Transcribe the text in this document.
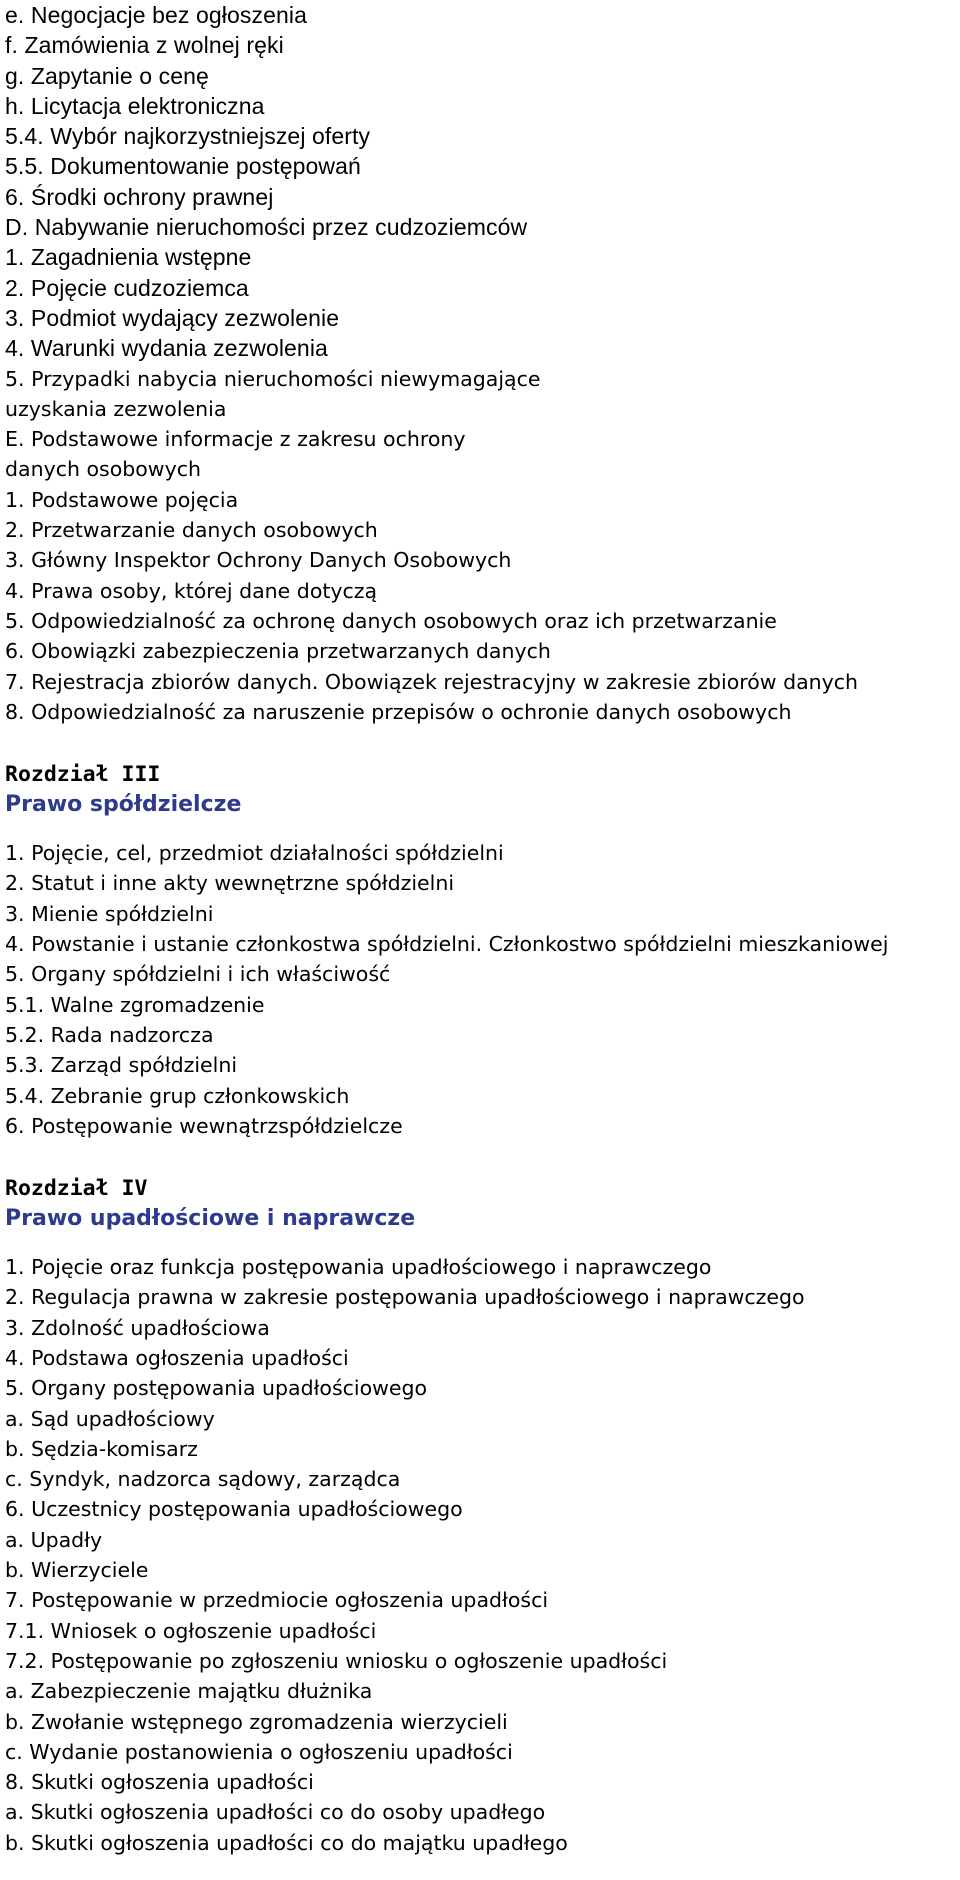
e. Negocjacje bez ogłoszenia
f. Zamówienia z wolnej ręki
g. Zapytanie o cenę
h. Licytacja elektroniczna
5.4. Wybór najkorzystniejszej oferty
5.5. Dokumentowanie postępowań
6. Środki ochrony prawnej
D. Nabywanie nieruchomości przez cudzoziemców
1. Zagadnienia wstępne
2. Pojęcie cudzoziemca
3. Podmiot wydający zezwolenie
4. Warunki wydania zezwolenia
5. Przypadki nabycia nieruchomości niewymagające
uzyskania zezwolenia
E. Podstawowe informacje z zakresu ochrony
danych osobowych
1. Podstawowe pojęcia
2. Przetwarzanie danych osobowych
3. Główny Inspektor Ochrony Danych Osobowych
4. Prawa osoby, której dane dotyczą
5. Odpowiedzialność za ochronę danych osobowych oraz ich przetwarzanie
6. Obowiązki zabezpieczenia przetwarzanych danych
7. Rejestracja zbiorów danych. Obowiązek rejestracyjny w zakresie zbiorów danych
8. Odpowiedzialność za naruszenie przepisów o ochronie danych osobowych

Rozdział III

Prawo spółdzielcze

1. Pojęcie, cel, przedmiot działalności spółdzielni
2. Statut i inne akty wewnętrzne spółdzielni
3. Mienie spółdzielni
4. Powstanie i ustanie członkostwa spółdzielni. Członkostwo spółdzielni mieszkaniowej
5. Organy spółdzielni i ich właściwość
5.1. Walne zgromadzenie
5.2. Rada nadzorcza
5.3. Zarząd spółdzielni
5.4. Zebranie grup członkowskich
6. Postępowanie wewnątrzspółdzielcze

Rozdział IV

Prawo upadłościowe i naprawcze

1. Pojęcie oraz funkcja postępowania upadłościowego i naprawczego
2. Regulacja prawna w zakresie postępowania upadłościowego i naprawczego
3. Zdolność upadłościowa
4. Podstawa ogłoszenia upadłości
5. Organy postępowania upadłościowego
a. Sąd upadłościowy
b. Sędzia-komisarz
c. Syndyk, nadzorca sądowy, zarządca
6. Uczestnicy postępowania upadłościowego
a. Upadły
b. Wierzyciele
7. Postępowanie w przedmiocie ogłoszenia upadłości
7.1. Wniosek o ogłoszenie upadłości
7.2. Postępowanie po zgłoszeniu wniosku o ogłoszenie upadłości
a. Zabezpieczenie majątku dłużnika
b. Zwołanie wstępnego zgromadzenia wierzycieli
c. Wydanie postanowienia o ogłoszeniu upadłości
8. Skutki ogłoszenia upadłości
a. Skutki ogłoszenia upadłości co do osoby upadłego
b. Skutki ogłoszenia upadłości co do majątku upadłego
